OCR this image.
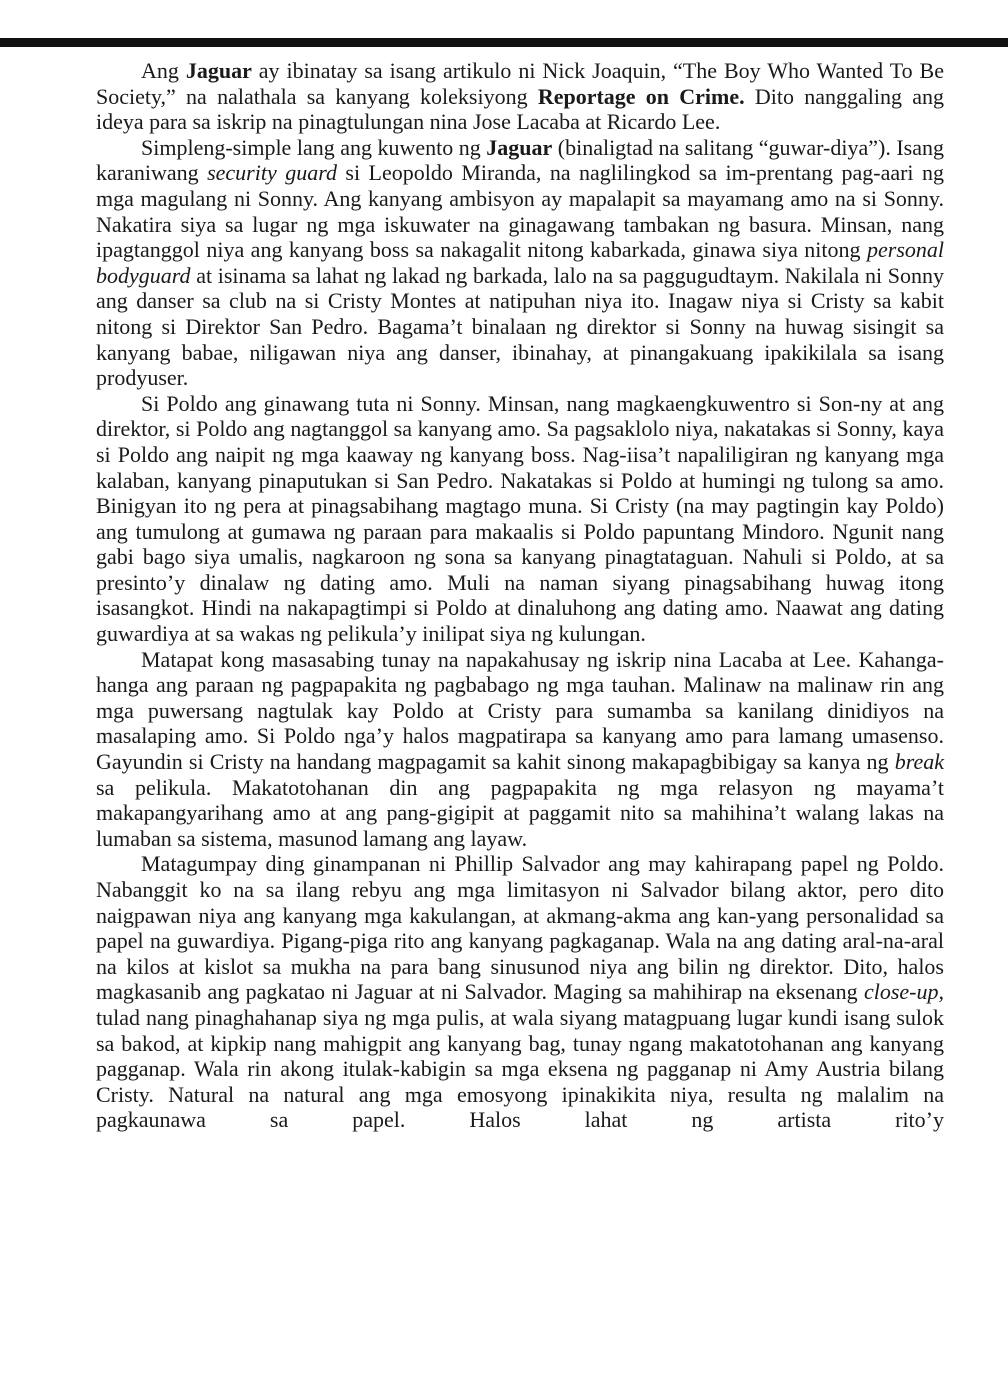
Ang Jaguar ay ibinatay sa isang artikulo ni Nick Joaquin, “The Boy Who Wanted To Be Society,” na nalathala sa kanyang koleksiyong Reportage on Crime. Dito nanggaling ang ideya para sa iskrip na pinagtulungan nina Jose Lacaba at Ricardo Lee.

Simpleng-simple lang ang kuwento ng Jaguar (binaligtad na salitang “guwar-diya”). Isang karaniwang security guard si Leopoldo Miranda, na naglilingkod sa im-prentang pag-aari ng mga magulang ni Sonny. Ang kanyang ambisyon ay mapalapit sa mayamang amo na si Sonny. Nakatira siya sa lugar ng mga iskuwater na ginagawang tambakan ng basura. Minsan, nang ipagtanggol niya ang kanyang boss sa nakagalit nitong kabarkada, ginawa siya nitong personal bodyguard at isinama sa lahat ng lakad ng barkada, lalo na sa paggugudtaym. Nakilala ni Sonny ang danser sa club na si Cristy Montes at natipuhan niya ito. Inagaw niya si Cristy sa kabit nitong si Direktor San Pedro. Bagama’t binalaan ng direktor si Sonny na huwag sisingit sa kanyang babae, niligawan niya ang danser, ibinahay, at pinangakuang ipakikilala sa isang prodyuser.

Si Poldo ang ginawang tuta ni Sonny. Minsan, nang magkaengkuwentro si Son-ny at ang direktor, si Poldo ang nagtanggol sa kanyang amo. Sa pagsaklolo niya, nakatakas si Sonny, kaya si Poldo ang naipit ng mga kaaway ng kanyang boss. Nag-iisa’t napaliligiran ng kanyang mga kalaban, kanyang pinaputukan si San Pedro. Nakatakas si Poldo at humingi ng tulong sa amo. Binigyan ito ng pera at pinagsabihang magtago muna. Si Cristy (na may pagtingin kay Poldo) ang tumulong at gumawa ng paraan para makaalis si Poldo papuntang Mindoro. Ngunit nang gabi bago siya umalis, nagkaroon ng sona sa kanyang pinagtataguan. Nahuli si Poldo, at sa presinto’y dinalaw ng dating amo. Muli na naman siyang pinagsabihang huwag itong isasangkot. Hindi na nakapagtimpi si Poldo at dinaluhong ang dating amo. Naawat ang dating guwardiya at sa wakas ng pelikula’y inilipat siya ng kulungan.

Matapat kong masasabing tunay na napakahusay ng iskrip nina Lacaba at Lee. Kahanga-hanga ang paraan ng pagpapakita ng pagbabago ng mga tauhan. Malinaw na malinaw rin ang mga puwersang nagtulak kay Poldo at Cristy para sumamba sa kanilang dinidiyos na masalaping amo. Si Poldo nga’y halos magpatirapa sa kanyang amo para lamang umasenso. Gayundin si Cristy na handang magpagamit sa kahit sinong makapagbibigay sa kanya ng break sa pelikula. Makatotohanan din ang pagpapakita ng mga relasyon ng mayama’t makapangyarihang amo at ang pang-gigipit at paggamit nito sa mahihina’t walang lakas na lumaban sa sistema, masunod lamang ang layaw.

Matagumpay ding ginampanan ni Phillip Salvador ang may kahirapang papel ng Poldo. Nabanggit ko na sa ilang rebyu ang mga limitasyon ni Salvador bilang aktor, pero dito naigpawan niya ang kanyang mga kakulangan, at akmang-akma ang kan-yang personalidad sa papel na guwardiya. Pigang-piga rito ang kanyang pagkaganap. Wala na ang dating aral-na-aral na kilos at kislot sa mukha na para bang sinusunod niya ang bilin ng direktor. Dito, halos magkasanib ang pagkatao ni Jaguar at ni Salvador. Maging sa mahihirap na eksenang close-up, tulad nang pinaghahanap siya ng mga pulis, at wala siyang matagpuang lugar kundi isang sulok sa bakod, at kipkip nang mahigpit ang kanyang bag, tunay ngang makatotohanan ang kanyang pagganap. Wala rin akong itulak-kabigin sa mga eksena ng pagganap ni Amy Austria bilang Cristy. Natural na natural ang mga emosyong ipinakikita niya, resulta ng malalim na pagkaunawa sa papel. Halos lahat ng artista rito’y
